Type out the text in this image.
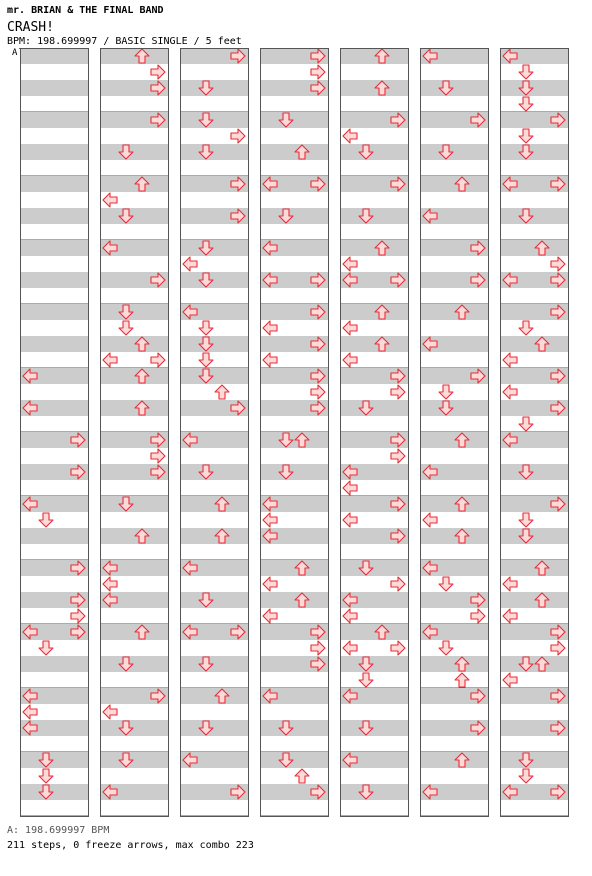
mr. BRIAN & THE FINAL BAND
CRASH!
BPM: 198.699997 / BASIC SINGLE / 5 feet
A
A: 198.699997 BPM
211 steps, 0 freeze arrows, max combo 223
